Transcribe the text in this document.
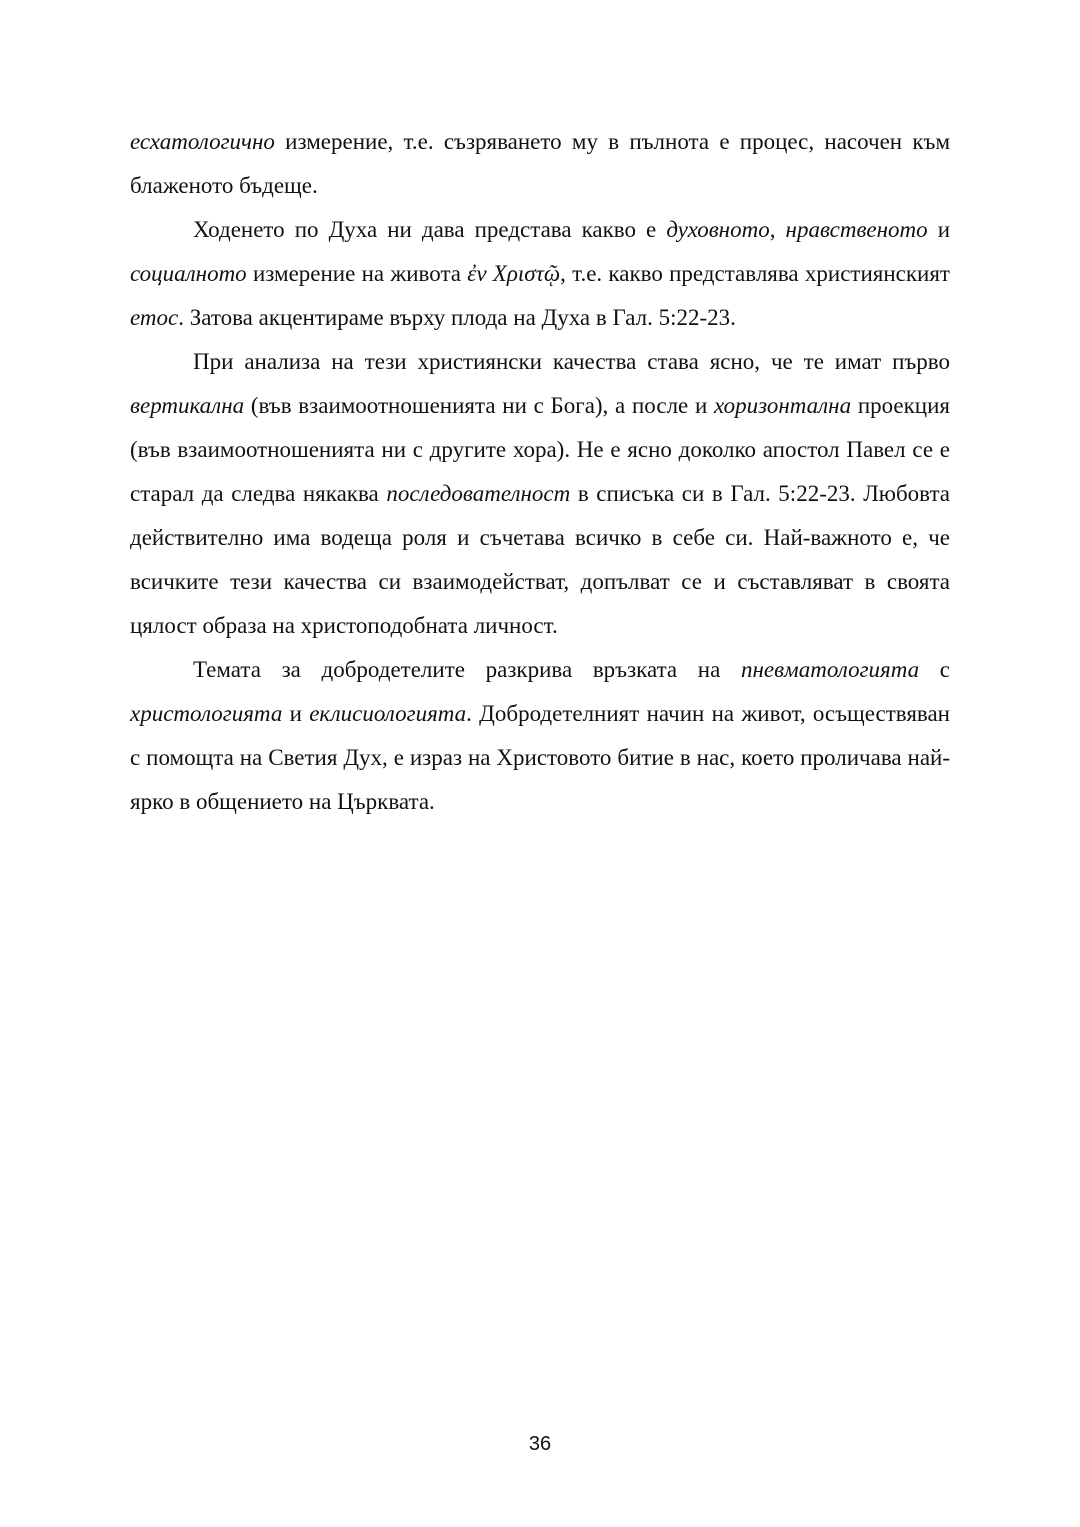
есхатологично измерение, т.е. съзряването му в пълнота е процес, насочен към блаженото бъдеще.

Ходенето по Духа ни дава представа какво е духовното, нравственото и социалното измерение на живота ἐν Χριστῷ, т.е. какво представлява християнският етос. Затова акцентираме върху плода на Духа в Гал. 5:22-23.

При анализа на тези християнски качества става ясно, че те имат първо вертикална (във взаимоотношенията ни с Бога), а после и хоризонтална проекция (във взаимоотношенията ни с другите хора). Не е ясно доколко апостол Павел се е старал да следва някаква последователност в списъка си в Гал. 5:22-23. Любовта действително има водеща роля и съчетава всичко в себе си. Най-важното е, че всичките тези качества си взаимодействат, допълват се и съставляват в своята цялост образа на христоподобната личност.

Темата за добродетелите разкрива връзката на пневматологията с христологията и еклисиологията. Добродетелният начин на живот, осъществяван с помощта на Светия Дух, е израз на Христовото битие в нас, което проличава най-ярко в общението на Църквата.

36
